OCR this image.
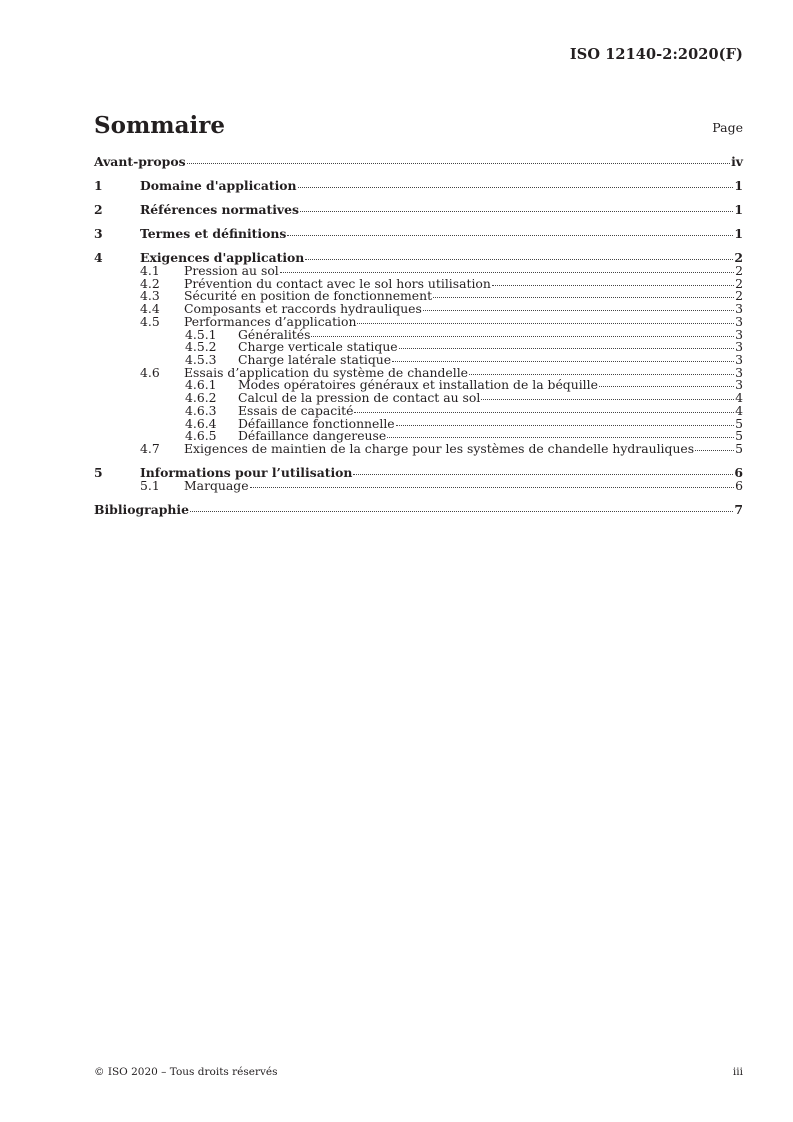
ISO 12140-2:2020(F)
Sommaire	Page
Avant-propos	iv
1	Domaine d'application	1
2	Références normatives	1
3	Termes et définitions	1
4	Exigences d'application	2
4.1	Pression au sol	2
4.2	Prévention du contact avec le sol hors utilisation	2
4.3	Sécurité en position de fonctionnement	2
4.4	Composants et raccords hydrauliques	3
4.5	Performances d’application	3
4.5.1	Généralités	3
4.5.2	Charge verticale statique	3
4.5.3	Charge latérale statique	3
4.6	Essais d’application du système de chandelle	3
4.6.1	Modes opératoires généraux et installation de la béquille	3
4.6.2	Calcul de la pression de contact au sol	4
4.6.3	Essais de capacité	4
4.6.4	Défaillance fonctionnelle	5
4.6.5	Défaillance dangereuse	5
4.7	Exigences de maintien de la charge pour les systèmes de chandelle hydrauliques	5
5	Informations pour l’utilisation	6
5.1	Marquage	6
Bibliographie	7
© ISO 2020 – Tous droits réservés	iii
